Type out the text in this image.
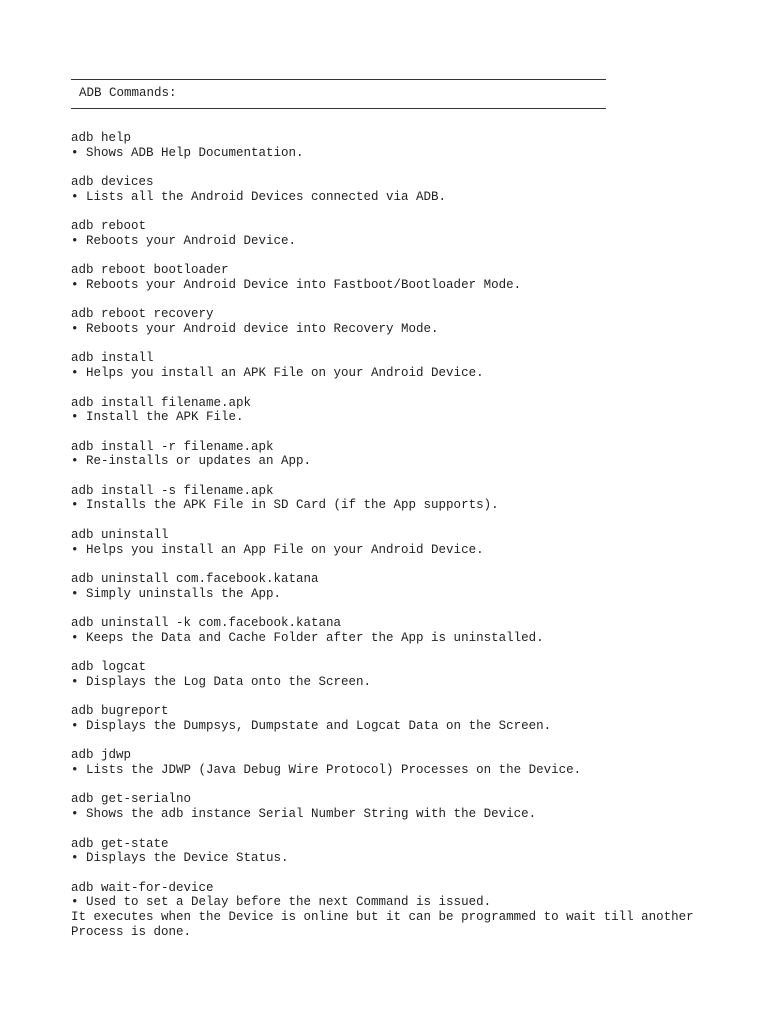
ADB Commands:
adb help
• Shows ADB Help Documentation.
adb devices
• Lists all the Android Devices connected via ADB.
adb reboot
• Reboots your Android Device.
adb reboot bootloader
• Reboots your Android Device into Fastboot/Bootloader Mode.
adb reboot recovery
• Reboots your Android device into Recovery Mode.
adb install
• Helps you install an APK File on your Android Device.
adb install filename.apk
• Install the APK File.
adb install -r filename.apk
• Re-installs or updates an App.
adb install -s filename.apk
• Installs the APK File in SD Card (if the App supports).
adb uninstall
• Helps you install an App File on your Android Device.
adb uninstall com.facebook.katana
• Simply uninstalls the App.
adb uninstall -k com.facebook.katana
• Keeps the Data and Cache Folder after the App is uninstalled.
adb logcat
• Displays the Log Data onto the Screen.
adb bugreport
• Displays the Dumpsys, Dumpstate and Logcat Data on the Screen.
adb jdwp
• Lists the JDWP (Java Debug Wire Protocol) Processes on the Device.
adb get-serialno
• Shows the adb instance Serial Number String with the Device.
adb get-state
• Displays the Device Status.
adb wait-for-device
• Used to set a Delay before the next Command is issued.
It executes when the Device is online but it can be programmed to wait till another
Process is done.
